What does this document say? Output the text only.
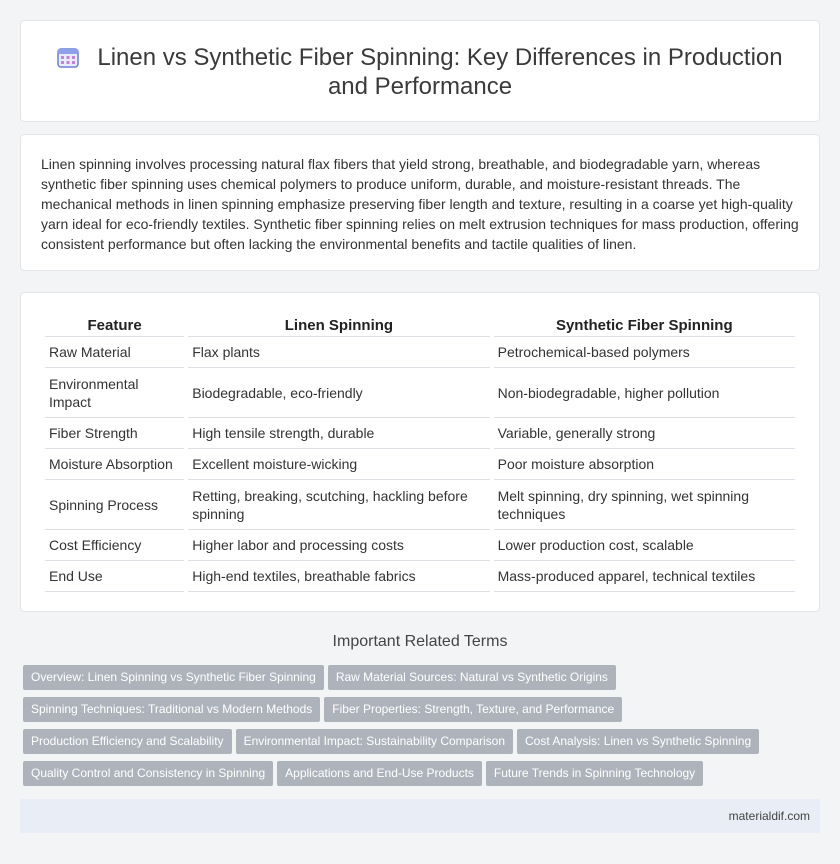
Linen vs Synthetic Fiber Spinning: Key Differences in Production and Performance

Linen spinning involves processing natural flax fibers that yield strong, breathable, and biodegradable yarn, whereas synthetic fiber spinning uses chemical polymers to produce uniform, durable, and moisture-resistant threads. The mechanical methods in linen spinning emphasize preserving fiber length and texture, resulting in a coarse yet high-quality yarn ideal for eco-friendly textiles. Synthetic fiber spinning relies on melt extrusion techniques for mass production, offering consistent performance but often lacking the environmental benefits and tactile qualities of linen.

Feature	Linen Spinning	Synthetic Fiber Spinning
Raw Material	Flax plants	Petrochemical-based polymers
Environmental Impact	Biodegradable, eco-friendly	Non-biodegradable, higher pollution
Fiber Strength	High tensile strength, durable	Variable, generally strong
Moisture Absorption	Excellent moisture-wicking	Poor moisture absorption
Spinning Process	Retting, breaking, scutching, hackling before spinning	Melt spinning, dry spinning, wet spinning techniques
Cost Efficiency	Higher labor and processing costs	Lower production cost, scalable
End Use	High-end textiles, breathable fabrics	Mass-produced apparel, technical textiles
Important Related Terms
Overview: Linen Spinning vs Synthetic Fiber Spinning Raw Material Sources: Natural vs Synthetic Origins
Spinning Techniques: Traditional vs Modern Methods Fiber Properties: Strength, Texture, and Performance
Production Efficiency and Scalability Environmental Impact: Sustainability Comparison Cost Analysis: Linen vs Synthetic Spinning
Quality Control and Consistency in Spinning Applications and End-Use Products Future Trends in Spinning Technology
materialdif.com
